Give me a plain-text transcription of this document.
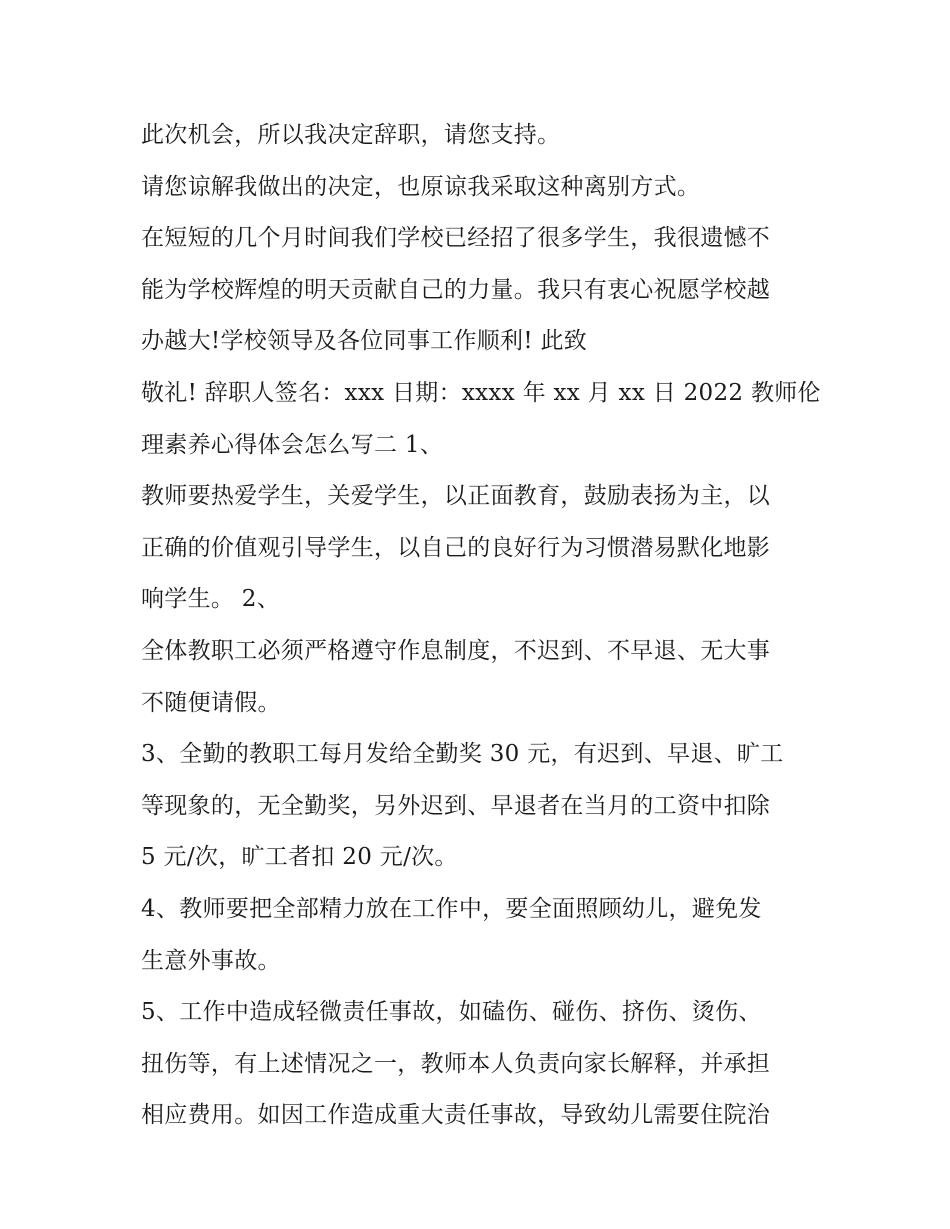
此次机会，所以我决定辞职，请您支持。
请您谅解我做出的决定，也原谅我采取这种离别方式。
在短短的几个月时间我们学校已经招了很多学生，我很遗憾不
能为学校辉煌的明天贡献自己的力量。我只有衷心祝愿学校越
办越大!学校领导及各位同事工作顺利! 此致
敬礼! 辞职人签名：xxx 日期：xxxx 年 xx 月 xx 日 2022 教师伦
理素养心得体会怎么写二 1、
教师要热爱学生，关爱学生，以正面教育，鼓励表扬为主，以
正确的价值观引导学生，以自己的良好行为习惯潜易默化地影
响学生。 2、
全体教职工必须严格遵守作息制度，不迟到、不早退、无大事
不随便请假。
3、全勤的教职工每月发给全勤奖 30 元，有迟到、早退、旷工
等现象的，无全勤奖，另外迟到、早退者在当月的工资中扣除
5 元/次，旷工者扣 20 元/次。
4、教师要把全部精力放在工作中，要全面照顾幼儿，避免发
生意外事故。
5、工作中造成轻微责任事故，如磕伤、碰伤、挤伤、烫伤、
扭伤等，有上述情况之一，教师本人负责向家长解释，并承担
相应费用。如因工作造成重大责任事故，导致幼儿需要住院治
